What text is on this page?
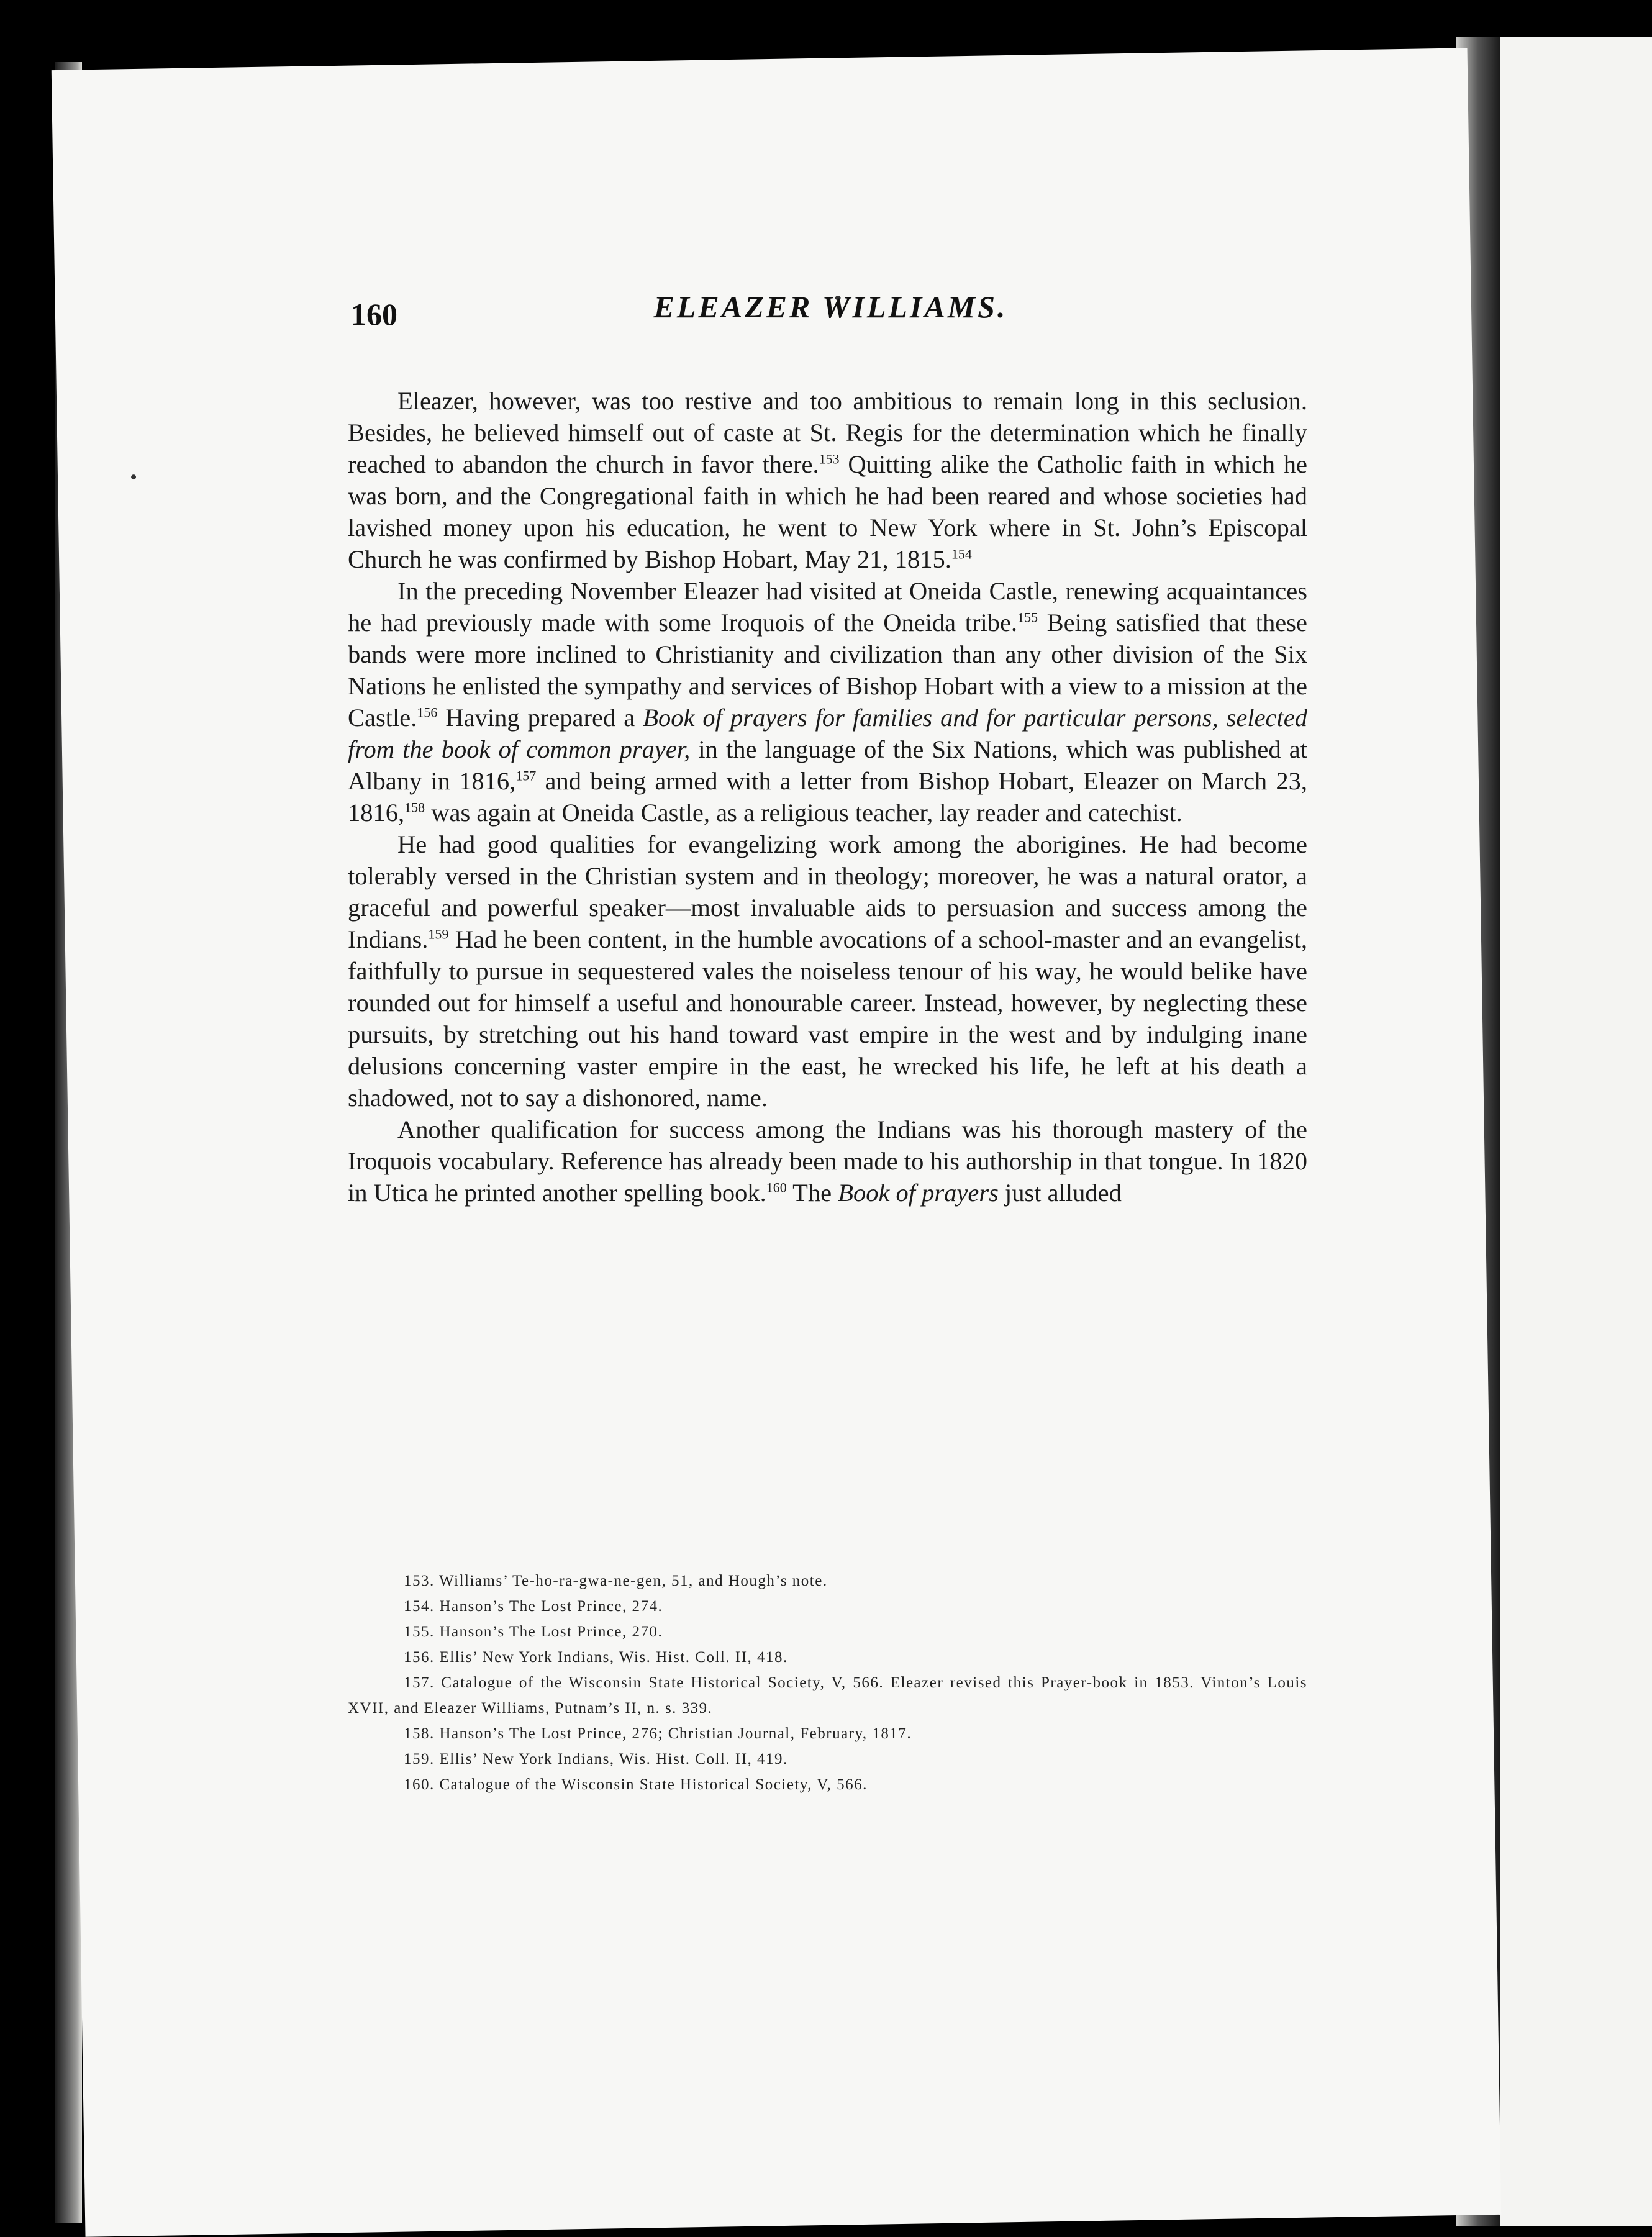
160	ELEAZER WILLIAMS.

Eleazer, however, was too restive and too ambitious to remain long in this seclusion. Besides, he believed himself out of caste at St. Regis for the determination which he finally reached to abandon the church in favor there.$^{153}$ Quitting alike the Catholic faith in which he was born, and the Congregational faith in which he had been reared and whose societies had lavished money upon his education, he went to New York where in St. John’s Episcopal Church he was confirmed by Bishop Hobart, May 21, 1815.$^{154}$

In the preceding November Eleazer had visited at Oneida Castle, renewing acquaintances he had previously made with some Iroquois of the Oneida tribe.$^{155}$ Being satisfied that these bands were more inclined to Christianity and civilization than any other division of the Six Nations he enlisted the sympathy and services of Bishop Hobart with a view to a mission at the Castle.$^{156}$ Having prepared a Book of prayers for families and for particular persons, selected from the book of common prayer, in the language of the Six Nations, which was published at Albany in 1816,$^{157}$ and being armed with a letter from Bishop Hobart, Eleazer on March 23, 1816,$^{158}$ was again at Oneida Castle, as a religious teacher, lay reader and catechist.

He had good qualities for evangelizing work among the aborigines. He had become tolerably versed in the Christian system and in theology; moreover, he was a natural orator, a graceful and powerful speaker—most invaluable aids to persuasion and success among the Indians.$^{159}$ Had he been content, in the humble avocations of a school-master and an evangelist, faithfully to pursue in sequestered vales the noiseless tenour of his way, he would belike have rounded out for himself a useful and honourable career. Instead, however, by neglecting these pursuits, by stretching out his hand toward vast empire in the west and by indulging inane delusions concerning vaster empire in the east, he wrecked his life, he left at his death a shadowed, not to say a dishonored, name.

Another qualification for success among the Indians was his thorough mastery of the Iroquois vocabulary. Reference has already been made to his authorship in that tongue. In 1820 in Utica he printed another spelling book.$^{160}$ The Book of prayers just alluded

153. Williams’ Te-ho-ra-gwa-ne-gen, 51, and Hough’s note.

154. Hanson’s The Lost Prince, 274.

155. Hanson’s The Lost Prince, 270.

156. Ellis’ New York Indians, Wis. Hist. Coll. II, 418.

157. Catalogue of the Wisconsin State Historical Society, V, 566. Eleazer revised this Prayer-book in 1853. Vinton’s Louis XVII, and Eleazer Williams, Putnam’s II, n. s. 339.

158. Hanson’s The Lost Prince, 276; Christian Journal, February, 1817.

159. Ellis’ New York Indians, Wis. Hist. Coll. II, 419.

160. Catalogue of the Wisconsin State Historical Society, V, 566.
